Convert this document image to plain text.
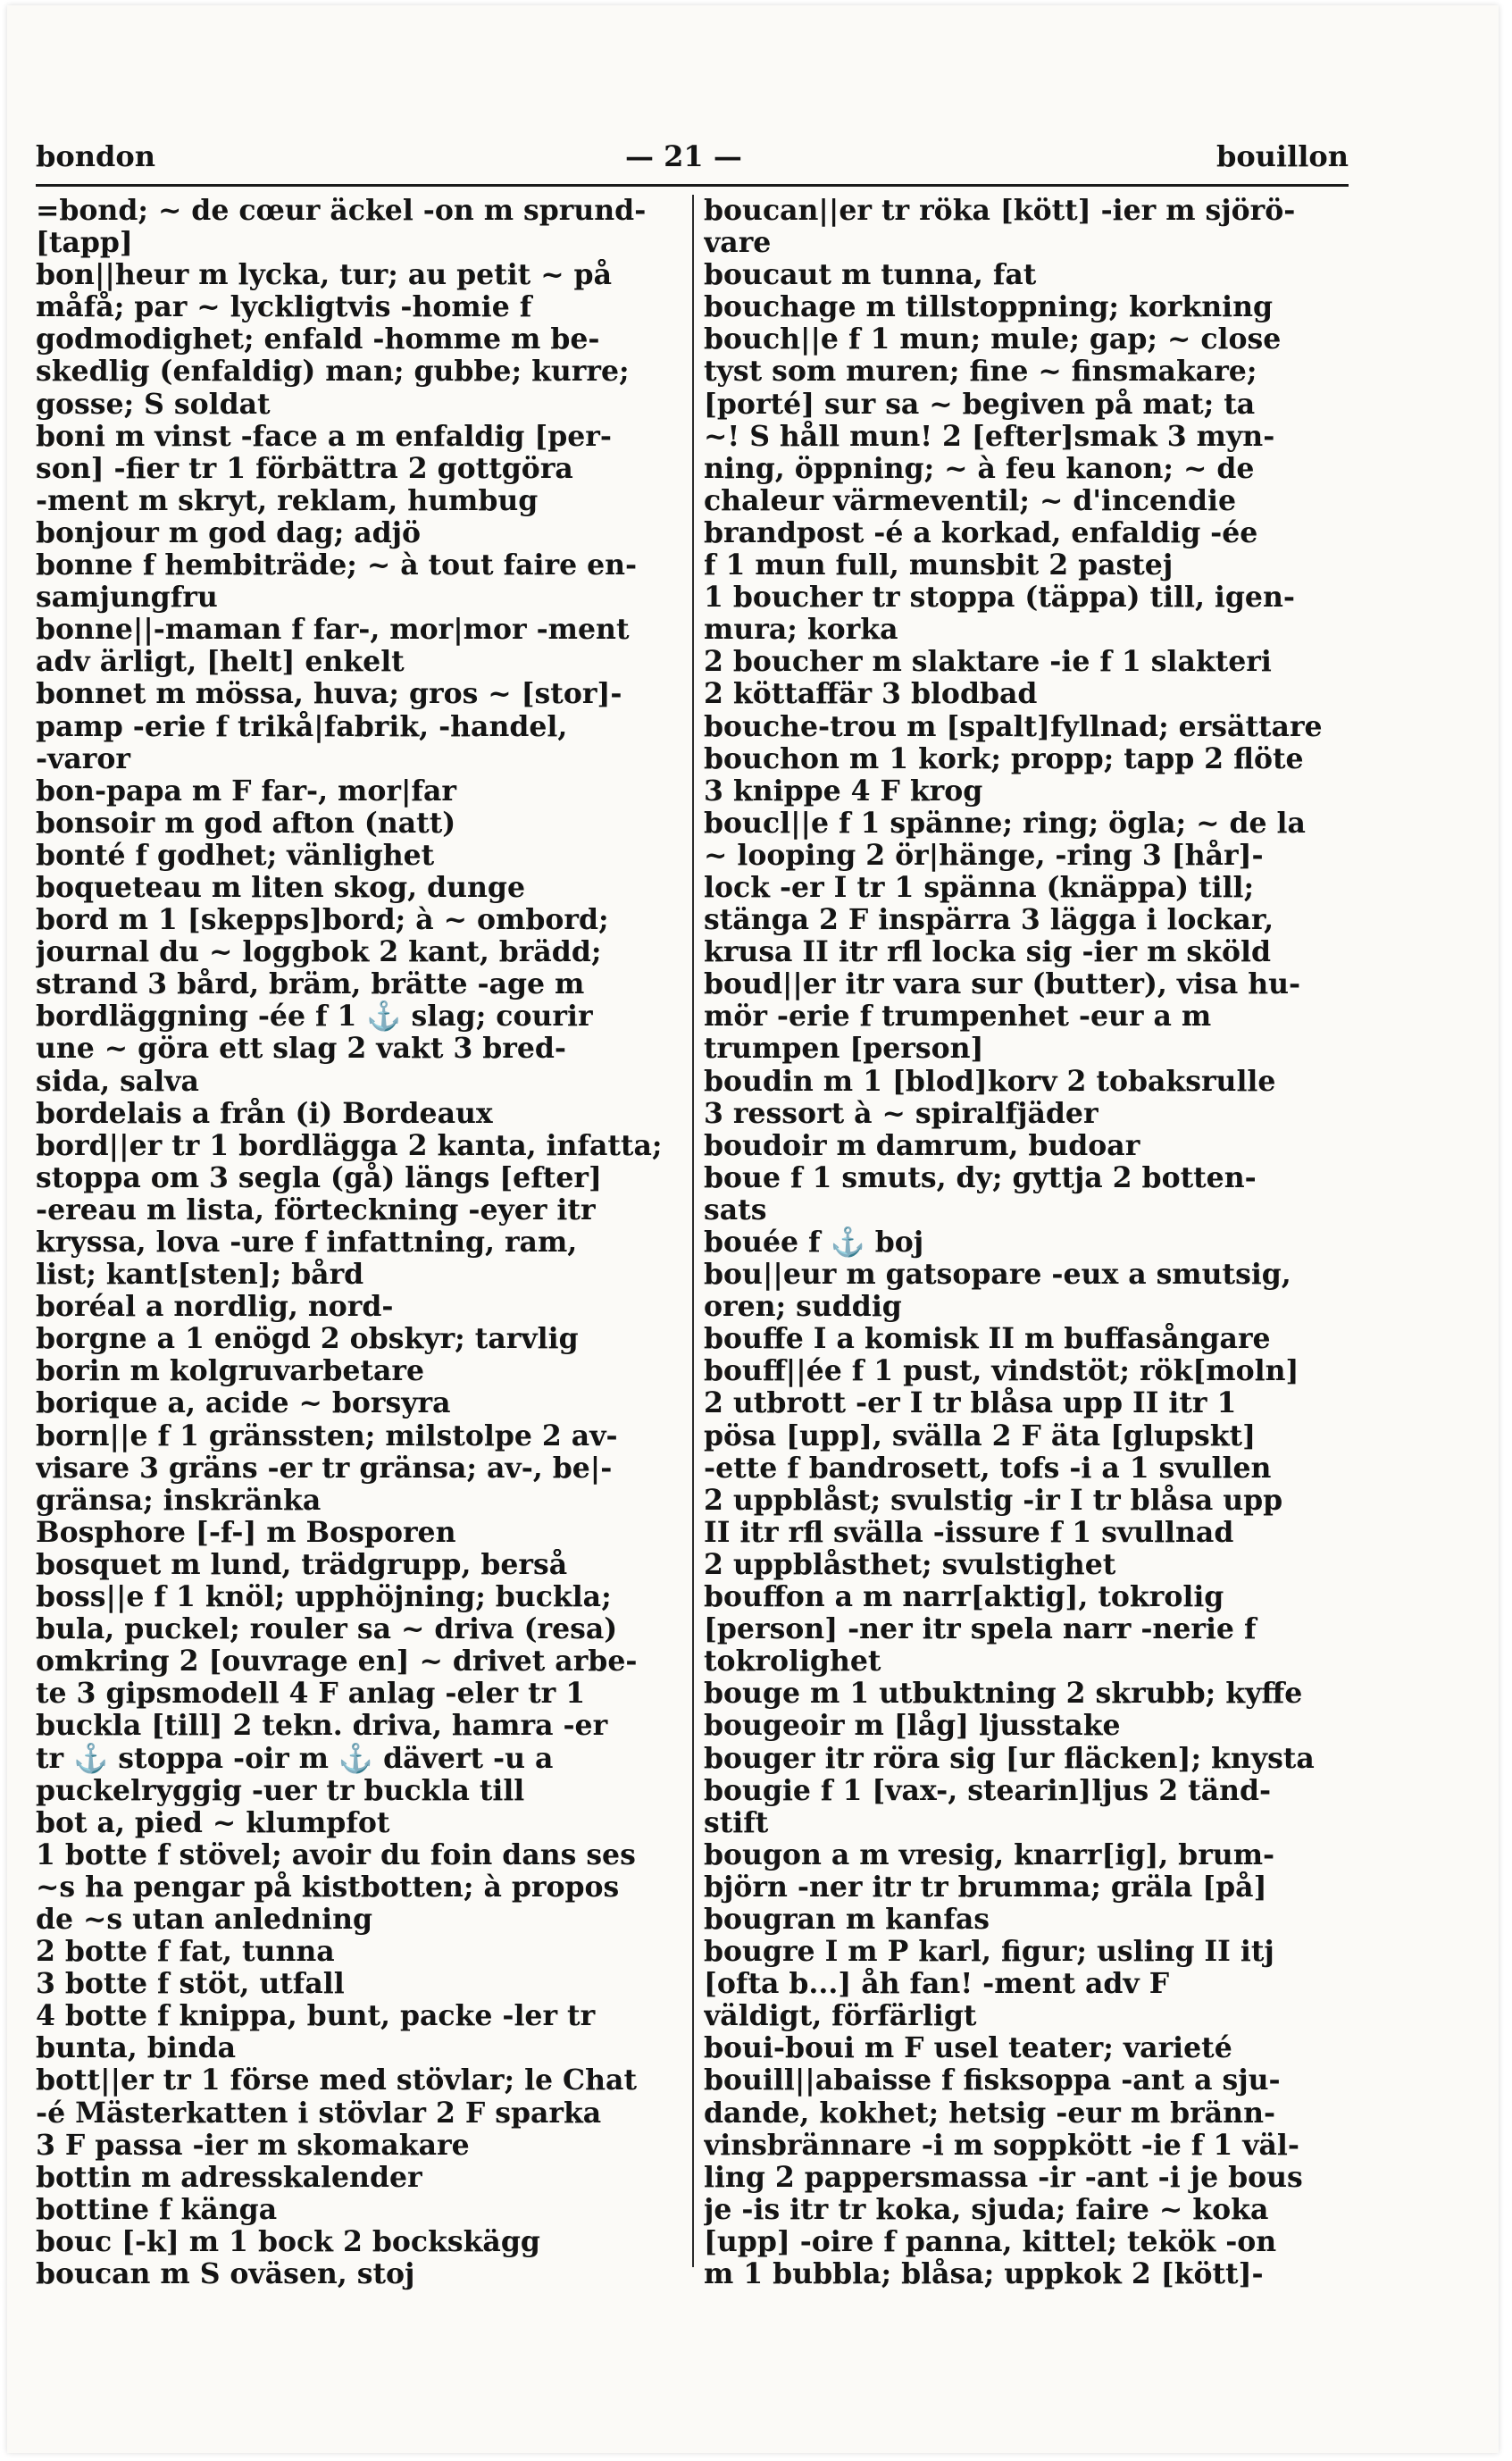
bondon	— 21 —	bouillon
=bond; ~ de cœur äckel -on m sprund-
[tapp]
bon||heur m lycka, tur; au petit ~ på
måfå; par ~ lyckligtvis -homie f
godmodighet; enfald -homme m be-
skedlig (enfaldig) man; gubbe; kurre;
gosse; S soldat
boni m vinst -face a m enfaldig [per-
son] -fier tr 1 förbättra 2 gottgöra
-ment m skryt, reklam, humbug
bonjour m god dag; adjö
bonne f hembiträde; ~ à tout faire en-
samjungfru
bonne||-maman f far-, mor|mor -ment
adv ärligt, [helt] enkelt
bonnet m mössa, huva; gros ~ [stor]-
pamp -erie f trikå|fabrik, -handel,
-varor
bon-papa m F far-, mor|far
bonsoir m god afton (natt)
bonté f godhet; vänlighet
boqueteau m liten skog, dunge
bord m 1 [skepps]bord; à ~ ombord;
journal du ~ loggbok 2 kant, brädd;
strand 3 bård, bräm, brätte -age m
bordläggning -ée f 1 ⚓ slag; courir
une ~ göra ett slag 2 vakt 3 bred-
sida, salva
bordelais a från (i) Bordeaux
bord||er tr 1 bordlägga 2 kanta, infatta;
stoppa om 3 segla (gå) längs [efter]
-ereau m lista, förteckning -eyer itr
kryssa, lova -ure f infattning, ram,
list; kant[sten]; bård
boréal a nordlig, nord-
borgne a 1 enögd 2 obskyr; tarvlig
borin m kolgruvarbetare
borique a, acide ~ borsyra
born||e f 1 gränssten; milstolpe 2 av-
visare 3 gräns -er tr gränsa; av-, be|-
gränsa; inskränka
Bosphore [-f-] m Bosporen
bosquet m lund, trädgrupp, berså
boss||e f 1 knöl; upphöjning; buckla;
bula, puckel; rouler sa ~ driva (resa)
omkring 2 [ouvrage en] ~ drivet arbe-
te 3 gipsmodell 4 F anlag -eler tr 1
buckla [till] 2 tekn. driva, hamra -er
tr ⚓ stoppa -oir m ⚓ dävert -u a
puckelryggig -uer tr buckla till
bot a, pied ~ klumpfot
1 botte f stövel; avoir du foin dans ses
~s ha pengar på kistbotten; à propos
de ~s utan anledning
2 botte f fat, tunna
3 botte f stöt, utfall
4 botte f knippa, bunt, packe -ler tr
bunta, binda
bott||er tr 1 förse med stövlar; le Chat
-é Mästerkatten i stövlar 2 F sparka
3 F passa -ier m skomakare
bottin m adresskalender
bottine f känga
bouc [-k] m 1 bock 2 bockskägg
boucan m S oväsen, stoj
boucan||er tr röka [kött] -ier m sjörö-
vare
boucaut m tunna, fat
bouchage m tillstoppning; korkning
bouch||e f 1 mun; mule; gap; ~ close
tyst som muren; fine ~ finsmakare;
[porté] sur sa ~ begiven på mat; ta
~! S håll mun! 2 [efter]smak 3 myn-
ning, öppning; ~ à feu kanon; ~ de
chaleur värmeventil; ~ d'incendie
brandpost -é a korkad, enfaldig -ée
f 1 mun full, munsbit 2 pastej
1 boucher tr stoppa (täppa) till, igen-
mura; korka
2 boucher m slaktare -ie f 1 slakteri
2 köttaffär 3 blodbad
bouche-trou m [spalt]fyllnad; ersättare
bouchon m 1 kork; propp; tapp 2 flöte
3 knippe 4 F krog
boucl||e f 1 spänne; ring; ögla; ~ de la
~ looping 2 ör|hänge, -ring 3 [hår]-
lock -er I tr 1 spänna (knäppa) till;
stänga 2 F inspärra 3 lägga i lockar,
krusa II itr rfl locka sig -ier m sköld
boud||er itr vara sur (butter), visa hu-
mör -erie f trumpenhet -eur a m
trumpen [person]
boudin m 1 [blod]korv 2 tobaksrulle
3 ressort à ~ spiralfjäder
boudoir m damrum, budoar
boue f 1 smuts, dy; gyttja 2 botten-
sats
bouée f ⚓ boj
bou||eur m gatsopare -eux a smutsig,
oren; suddig
bouffe I a komisk II m buffasångare
bouff||ée f 1 pust, vindstöt; rök[moln]
2 utbrott -er I tr blåsa upp II itr 1
pösa [upp], svälla 2 F äta [glupskt]
-ette f bandrosett, tofs -i a 1 svullen
2 uppblåst; svulstig -ir I tr blåsa upp
II itr rfl svälla -issure f 1 svullnad
2 uppblåsthet; svulstighet
bouffon a m narr[aktig], tokrolig
[person] -ner itr spela narr -nerie f
tokrolighet
bouge m 1 utbuktning 2 skrubb; kyffe
bougeoir m [låg] ljusstake
bouger itr röra sig [ur fläcken]; knysta
bougie f 1 [vax-, stearin]ljus 2 tänd-
stift
bougon a m vresig, knarr[ig], brum-
björn -ner itr tr brumma; gräla [på]
bougran m kanfas
bougre I m P karl, figur; usling II itj
[ofta b...] åh fan! -ment adv F
väldigt, förfärligt
boui-boui m F usel teater; varieté
bouill||abaisse f fisksoppa -ant a sju-
dande, kokhet; hetsig -eur m bränn-
vinsbrännare -i m soppkött -ie f 1 väl-
ling 2 pappersmassa -ir -ant -i je bous
je -is itr tr koka, sjuda; faire ~ koka
[upp] -oire f panna, kittel; tekök -on
m 1 bubbla; blåsa; uppkok 2 [kött]-
